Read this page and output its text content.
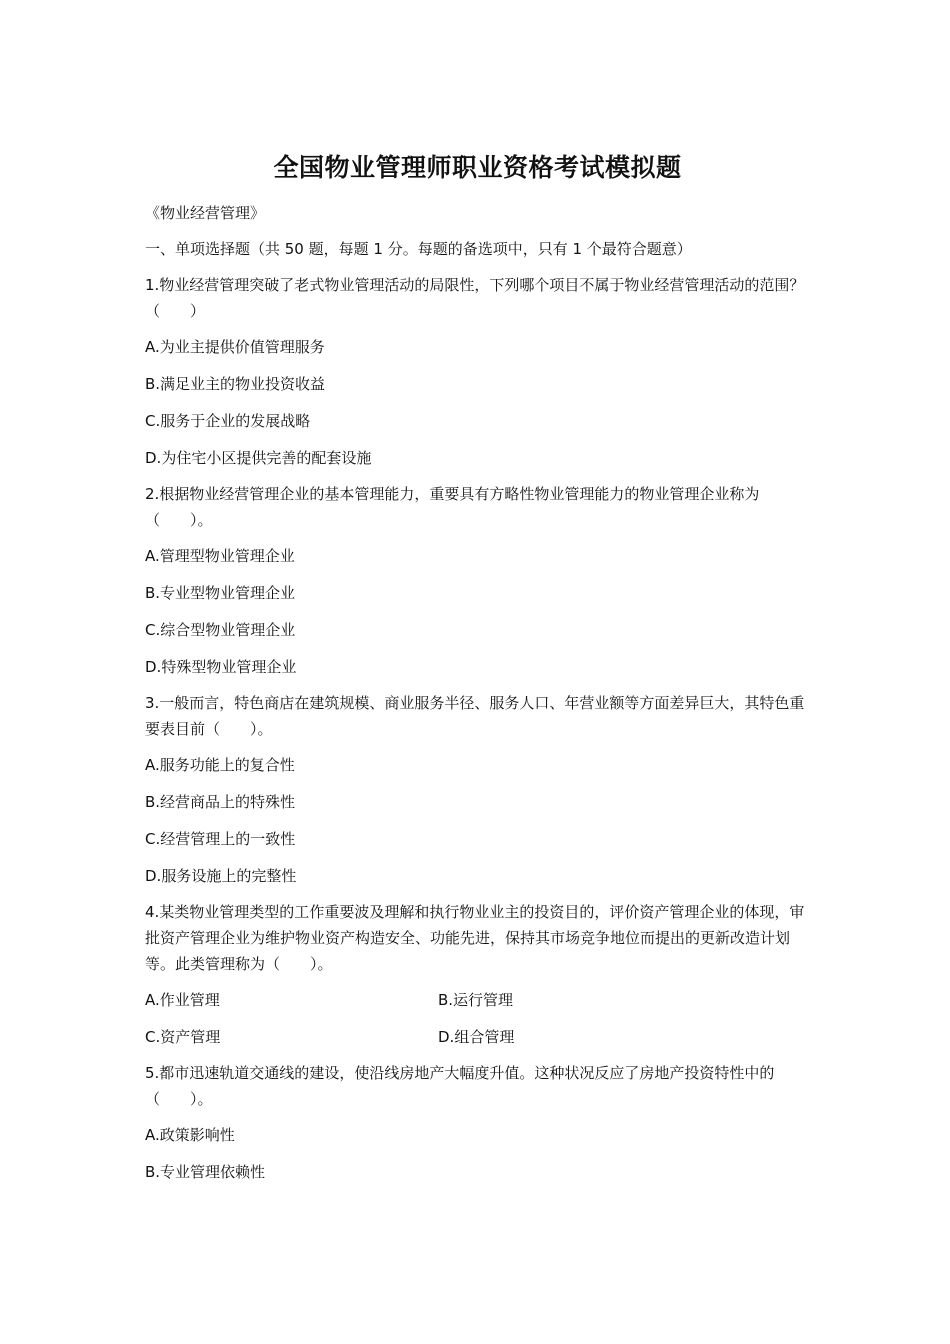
全国物业管理师职业资格考试模拟题
《物业经营管理》
一、单项选择题（共 50 题，每题 1 分。每题的备选项中，只有 1 个最符合题意）
1.物业经营管理突破了老式物业管理活动的局限性，下列哪个项目不属于物业经营管理活动的范围？（　　）
A.为业主提供价值管理服务
B.满足业主的物业投资收益
C.服务于企业的发展战略
D.为住宅小区提供完善的配套设施
2.根据物业经营管理企业的基本管理能力，重要具有方略性物业管理能力的物业管理企业称为（　　）。
A.管理型物业管理企业
B.专业型物业管理企业
C.综合型物业管理企业
D.特殊型物业管理企业
3.一般而言，特色商店在建筑规模、商业服务半径、服务人口、年营业额等方面差异巨大，其特色重要表目前（　　）。
A.服务功能上的复合性
B.经营商品上的特殊性
C.经营管理上的一致性
D.服务设施上的完整性
4.某类物业管理类型的工作重要波及理解和执行物业业主的投资目的，评价资产管理企业的体现，审批资产管理企业为维护物业资产构造安全、功能先进，保持其市场竞争地位而提出的更新改造计划等。此类管理称为（　　）。
A.作业管理	B.运行管理
C.资产管理	D.组合管理
5.都市迅速轨道交通线的建设，使沿线房地产大幅度升值。这种状况反应了房地产投资特性中的（　　）。
A.政策影响性
B.专业管理依赖性
